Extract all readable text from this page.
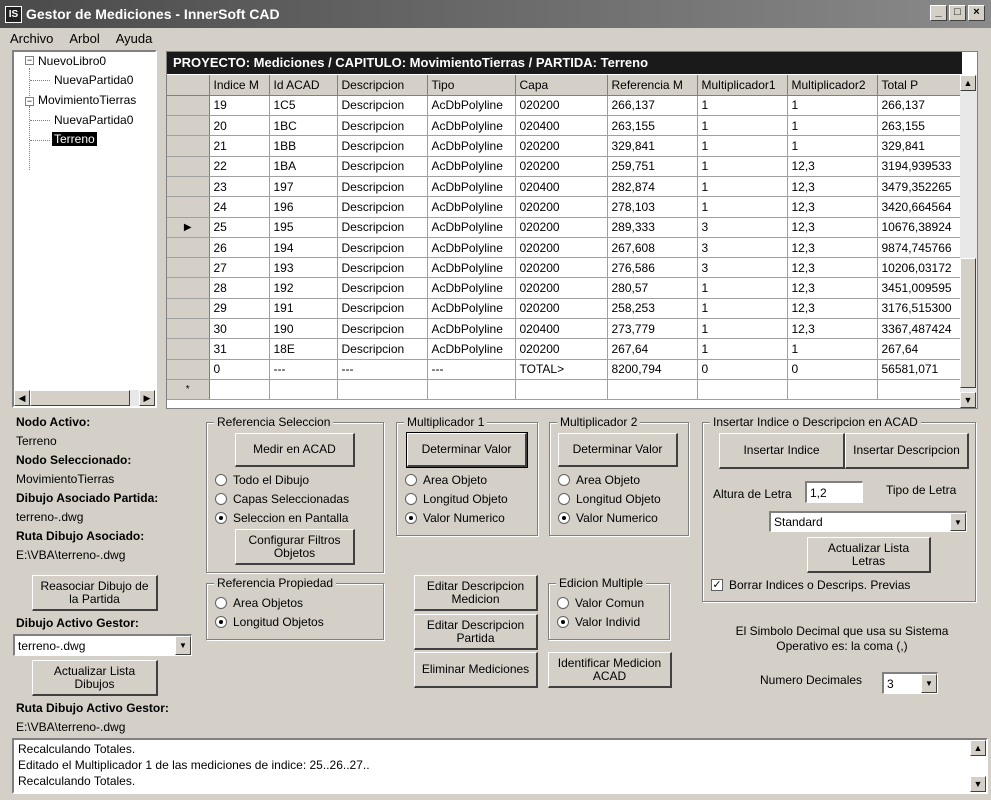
IS Gestor de Mediciones - InnerSoft CAD	_	□	×
Archivo	Arbol	Ayuda
− NuevoLibro0
NuevaPartida0
− MovimientoTierras
NuevaPartida0
Terreno
◀	▶
PROYECTO: Mediciones / CAPITULO: MovimientoTierras / PARTIDA: Terreno
	Indice M	Id ACAD	Descripcion	Tipo	Capa	Referencia M	Multiplicador1	Multiplicador2	Total P
	19	1C5	Descripcion	AcDbPolyline	020200	266,137	1	1	266,137
	20	1BC	Descripcion	AcDbPolyline	020400	263,155	1	1	263,155
	21	1BB	Descripcion	AcDbPolyline	020200	329,841	1	1	329,841
	22	1BA	Descripcion	AcDbPolyline	020200	259,751	1	12,3	3194,939533
	23	197	Descripcion	AcDbPolyline	020400	282,874	1	12,3	3479,352265
	24	196	Descripcion	AcDbPolyline	020200	278,103	1	12,3	3420,664564
▶	25	195	Descripcion	AcDbPolyline	020200	289,333	3	12,3	10676,38924
	26	194	Descripcion	AcDbPolyline	020200	267,608	3	12,3	9874,745766
	27	193	Descripcion	AcDbPolyline	020200	276,586	3	12,3	10206,03172
	28	192	Descripcion	AcDbPolyline	020200	280,57	1	12,3	3451,009595
	29	191	Descripcion	AcDbPolyline	020200	258,253	1	12,3	3176,515300
	30	190	Descripcion	AcDbPolyline	020400	273,779	1	12,3	3367,487424
	31	18E	Descripcion	AcDbPolyline	020200	267,64	1	1	267,64
	0	---	---	---	TOTAL>	8200,794	0	0	56581,071
*									
▲
▼
Nodo Activo:
Terreno
Nodo Seleccionado:
MovimientoTierras
Dibujo Asociado Partida:
terreno-.dwg
Ruta Dibujo Asociado:
E:\VBA\terreno-.dwg
Reasociar Dibujo de la Partida
Dibujo Activo Gestor:
terreno-.dwg	▼
Actualizar Lista Dibujos
Ruta Dibujo Activo Gestor:
E:\VBA\terreno-.dwg
Referencia Seleccion
Medir en ACAD
Todo el Dibujo
Capas Seleccionadas
Seleccion en Pantalla
Configurar Filtros Objetos
Referencia Propiedad
Area Objetos
Longitud Objetos
Multiplicador 1
Determinar Valor
Area Objeto
Longitud Objeto
Valor Numerico
Multiplicador 2
Determinar Valor
Area Objeto
Longitud Objeto
Valor Numerico
Editar Descripcion Medicion
Editar Descripcion Partida
Eliminar Mediciones	Identificar Medicion ACAD
Edicion Multiple
Valor Comun
Valor Individ
Insertar Indice o Descripcion en ACAD
Insertar Indice	Insertar Descripcion
Altura de Letra	1,2	Tipo de Letra
Standard	▼
Actualizar Lista Letras
✓ Borrar Indices o Descrips. Previas
El Simbolo Decimal que usa su Sistema Operativo es: la coma (,)
Numero Decimales 3	▼
Recalculando Totales.
Editado el Multiplicador 1 de las mediciones de indice: 25..26..27..
Recalculando Totales.
▲
▼
